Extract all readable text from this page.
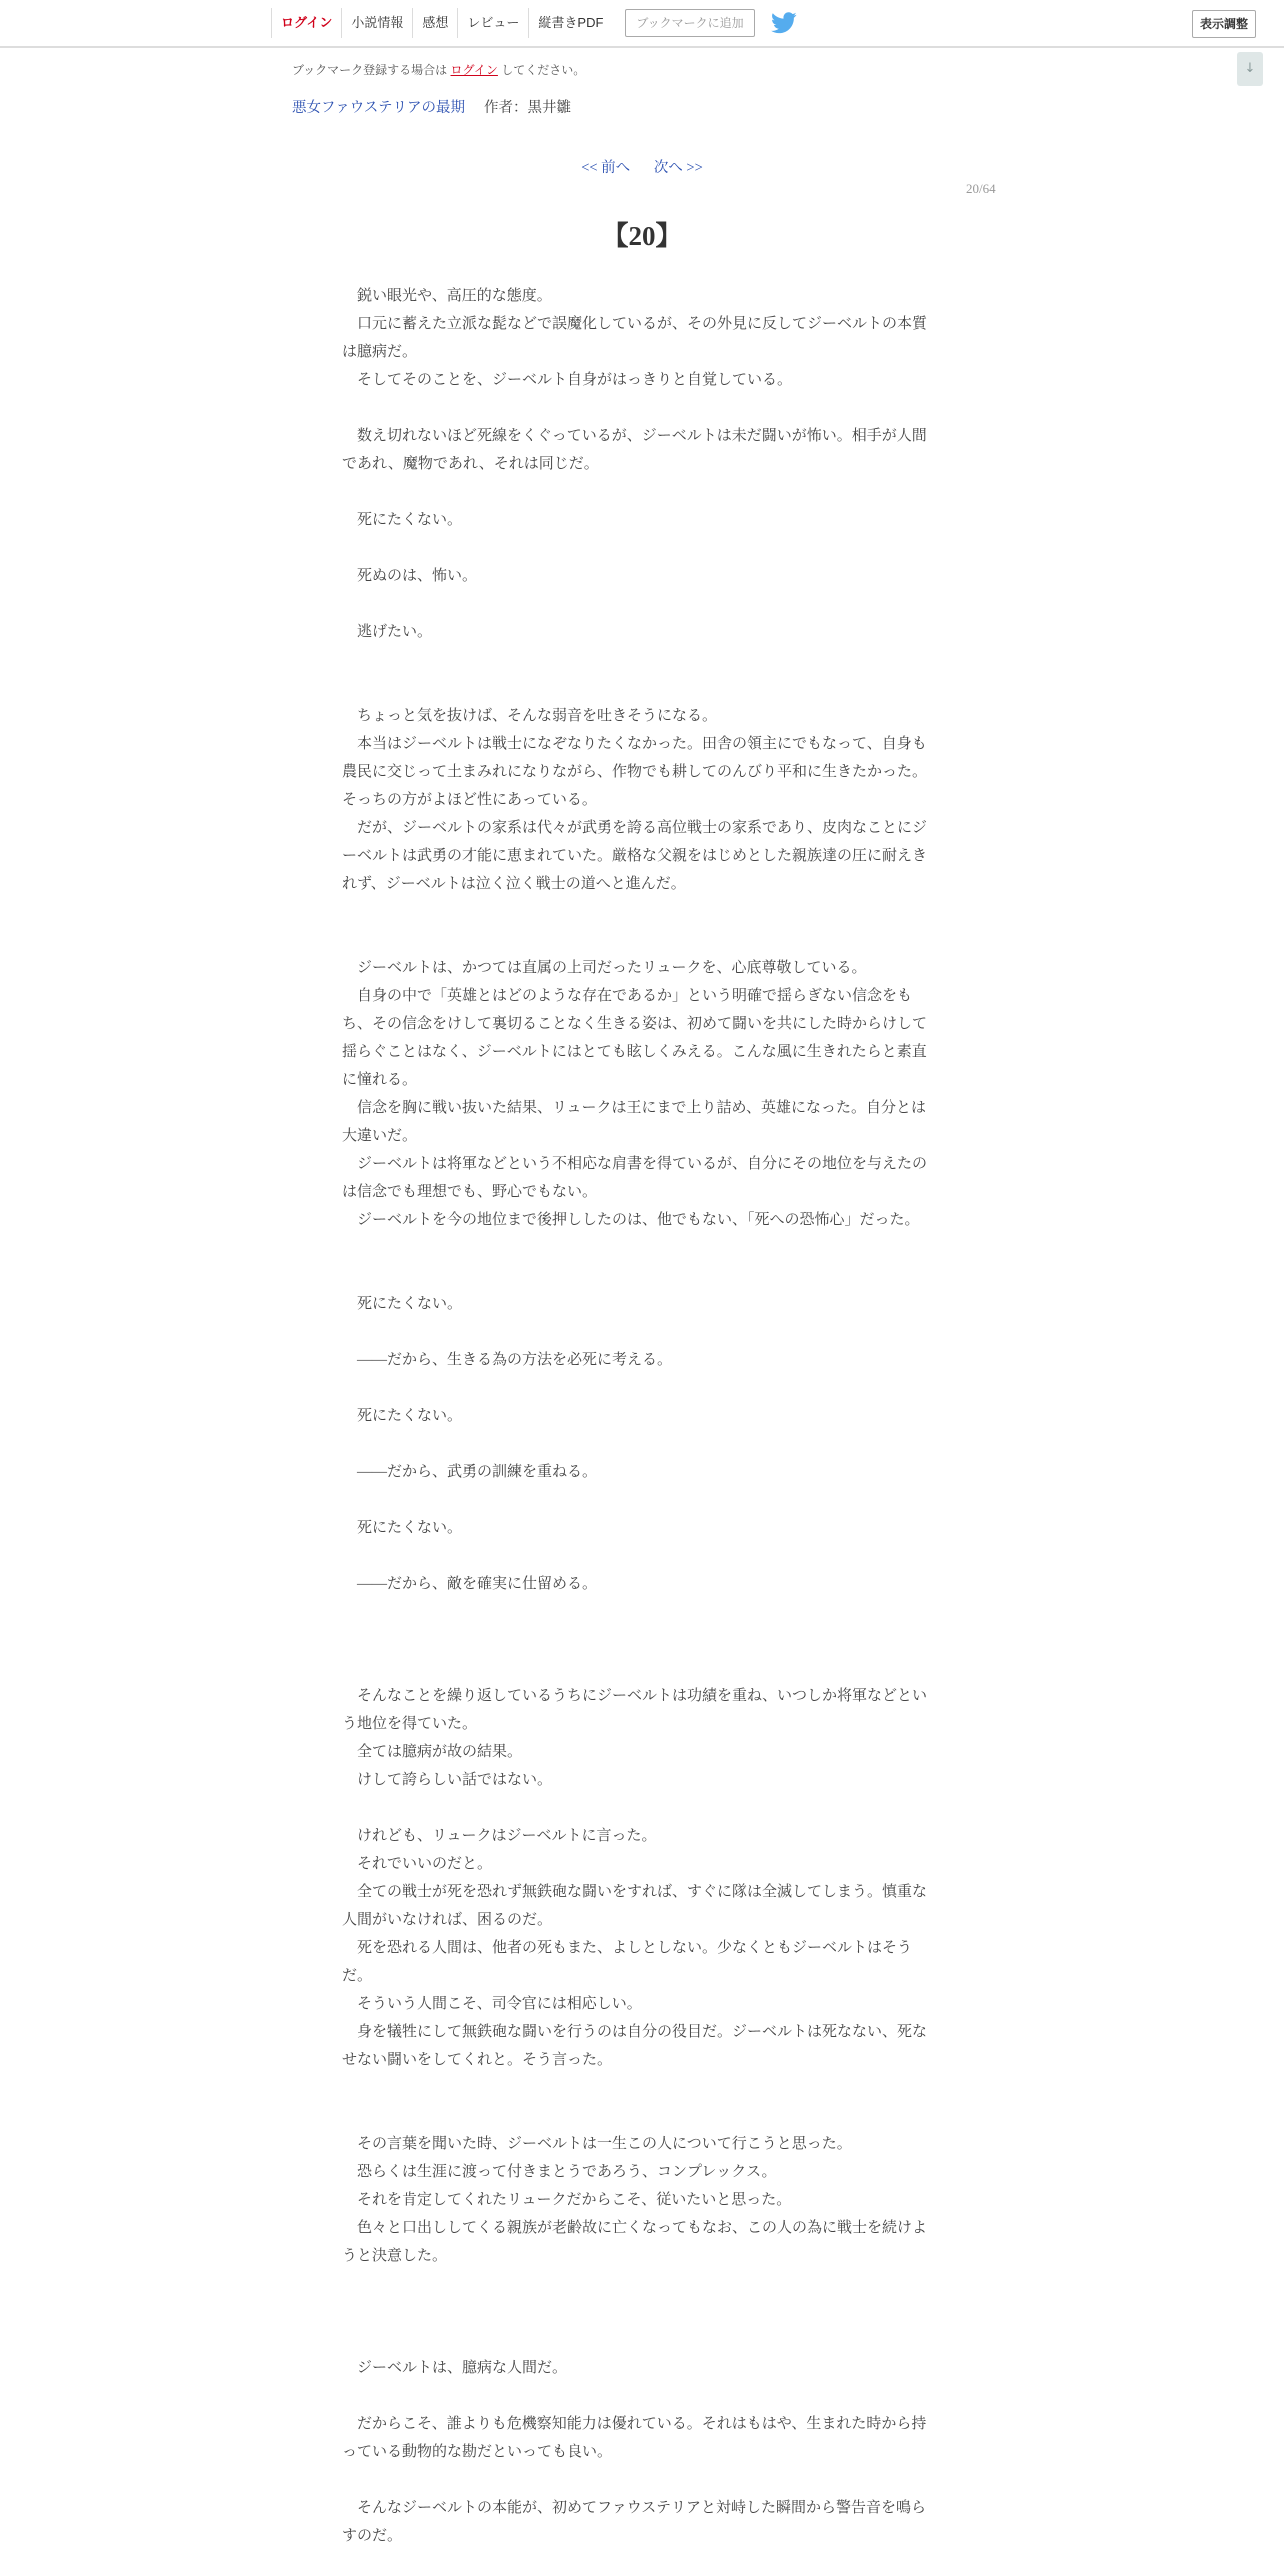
ログイン	小説情報	感想	レビュー	縦書きPDF	ブックマークに追加	表示調整
↓
ブックマーク登録する場合は ログイン してください。
悪女ファウステリアの最期 作者：黒井雛
<< 前へ 次へ >>
20/64
【20】
　鋭い眼光や、高圧的な態度。
　口元に蓄えた立派な髭などで誤魔化しているが、その外見に反してジーベルトの本質は臆病だ。
　そしてそのことを、ジーベルト自身がはっきりと自覚している。
　数え切れないほど死線をくぐっているが、ジーベルトは未だ闘いが怖い。相手が人間であれ、魔物であれ、それは同じだ。
　死にたくない。
　死ぬのは、怖い。
　逃げたい。
　ちょっと気を抜けば、そんな弱音を吐きそうになる。
　本当はジーベルトは戦士になぞなりたくなかった。田舎の領主にでもなって、自身も農民に交じって土まみれになりながら、作物でも耕してのんびり平和に生きたかった。そっちの方がよほど性にあっている。
　だが、ジーベルトの家系は代々が武勇を誇る高位戦士の家系であり、皮肉なことにジーベルトは武勇の才能に恵まれていた。厳格な父親をはじめとした親族達の圧に耐えきれず、ジーベルトは泣く泣く戦士の道へと進んだ。
　ジーベルトは、かつては直属の上司だったリュークを、心底尊敬している。
　自身の中で「英雄とはどのような存在であるか」という明確で揺らぎない信念をもち、その信念をけして裏切ることなく生きる姿は、初めて闘いを共にした時からけして揺らぐことはなく、ジーベルトにはとても眩しくみえる。こんな風に生きれたらと素直に憧れる。
　信念を胸に戦い抜いた結果、リュークは王にまで上り詰め、英雄になった。自分とは大違いだ。
　ジーベルトは将軍などという不相応な肩書を得ているが、自分にその地位を与えたのは信念でも理想でも、野心でもない。
　ジーベルトを今の地位まで後押ししたのは、他でもない、「死への恐怖心」だった。
　死にたくない。
　――だから、生きる為の方法を必死に考える。
　死にたくない。
　――だから、武勇の訓練を重ねる。
　死にたくない。
　――だから、敵を確実に仕留める。
　そんなことを繰り返しているうちにジーベルトは功績を重ね、いつしか将軍などという地位を得ていた。
　全ては臆病が故の結果。
　けして誇らしい話ではない。
　けれども、リュークはジーベルトに言った。
　それでいいのだと。
　全ての戦士が死を恐れず無鉄砲な闘いをすれば、すぐに隊は全滅してしまう。慎重な人間がいなければ、困るのだ。
　死を恐れる人間は、他者の死もまた、よしとしない。少なくともジーベルトはそうだ。
　そういう人間こそ、司令官には相応しい。
　身を犠牲にして無鉄砲な闘いを行うのは自分の役目だ。ジーベルトは死なない、死なせない闘いをしてくれと。そう言った。
　その言葉を聞いた時、ジーベルトは一生この人について行こうと思った。
　恐らくは生涯に渡って付きまとうであろう、コンプレックス。
　それを肯定してくれたリュークだからこそ、従いたいと思った。
　色々と口出ししてくる親族が老齢故に亡くなってもなお、この人の為に戦士を続けようと決意した。
　ジーベルトは、臆病な人間だ。
　だからこそ、誰よりも危機察知能力は優れている。それはもはや、生まれた時から持っている動物的な勘だといっても良い。
　そんなジーベルトの本能が、初めてファウステリアと対峙した瞬間から警告音を鳴らすのだ。
